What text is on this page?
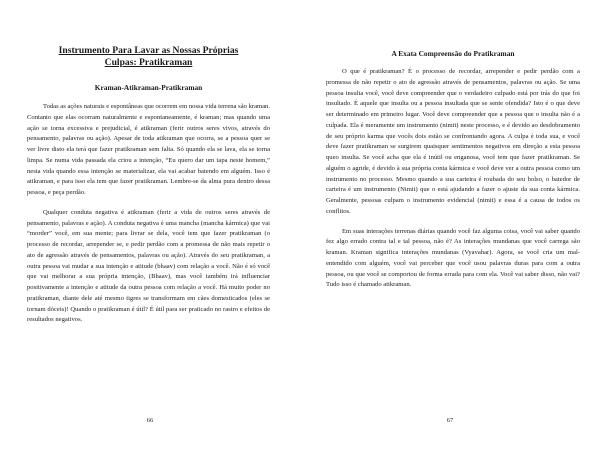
Instrumento Para Lavar as Nossas Próprias
Culpas: Pratikraman
Kraman-Atikraman-Pratikraman

Todas as ações naturais e espontâneas que ocorrem em nossa vida terrena são kraman. Contanto que elas ocorram naturalmente e espontaneamente, é kraman; mas quando uma ação se torna excessiva e prejudicial, é atikraman (ferir outros seres vivos, através do pensamento, palavras ou ação). Apesar de toda atikraman que ocorra, se a pessoa quer se ver livre disto ela terá que fazer pratikraman sem falta. Só quando ela se lava, ela se torna limpa. Se numa vida passada ela criou a intenção, “Eu quero dar um tapa neste homem,” nesta vida quando essa intenção se materializar, ela vai acabar batendo em alguém. Isso é atikraman, e para isso ela tem que fazer pratikraman. Lembre-se da alma pura dentro dessa pessoa, e peça perdão.

Qualquer conduta negativa é atikraman (ferir a vida de outros seres através de pensamento, palavras e ação). A conduta negativa é uma mancha (mancha kármica) que vai “morder” você, em sua mente; para livrar se dela, você tem que fazer pratikraman (o processo de recordar, arrepender se, e pedir perdão com a promessa de não mais repetir o ato de agressão através de pensamentos, palavras ou ação). Através do seu pratikraman, a outra pessoa vai mudar a sua intenção e atitude (bhaav) com relação a você. Não é só você que vai melhorar a sua própria intenção, (Bhaav), mas você também irá influenciar positivamente a intenção e atitude da outra pessoa com relação a você. Há muito poder no pratikraman, diante dele até mesmo tigres se transformam em cães domesticados (eles se tornam dóceis)! Quando o pratikraman é útil? É útil para ser praticado no rastro e efeitos de resultados negativos.

66
A Exata Compreensão do Pratikraman

O que é pratikraman? É o processo de recordar, arrepender e pedir perdão com a promessa de não repetir o ato de agressão através de pensamentos, palavras ou ação. Se uma pessoa insulta você, você deve compreender que o verdadeiro culpado está por trás do que foi insultado. É aquele que insulta ou a pessoa insultada que se sente ofendida? Isto é o que deve ser determinado em primeiro lugar. Você deve compreender que a pessoa que o insulta não é a culpada. Ela é meramente um instrumento (nimit) neste processo, e é devido ao desdobramento de seu próprio karma que vocês dois estão se confrontando agora. A culpa é toda sua, e você deve fazer pratikraman se surgirem quaisquer sentimentos negativos em direção a esta pessoa queo insulta. Se você acha que ela é inútil ou enganosa, você tem que fazer pratikraman. Se alguém o agride, é devido à sua própria conta kármica e você deve ver a outra pessoa como um instrumento no processo. Mesmo quando a sua carteira é roubada do seu bolso, o batedor de carteira é um instrumento (Nimit) que o está ajudando a fazer o ajuste da sua conta kármica. Geralmente, pessoas culpam o instrumento evidencial (nimit) e essa é a causa de todos os conflitos.

Em suas interações terrenas diárias quando você faz alguma coisa, você vai saber quando fez algo errado contra tal e tal pessoa, não é? As interações mundanas que você carrega são kraman. Kraman significa interações mundanas (Vyavahar). Agora, se você cria um mal-entendido com alguém, você vai perceber que você usou palavras duras para com a outra pessoa, ou que você se comportou de forma errada para com ela. Você vai saber disso, não vai? Tudo isso é chamado atikraman.

67
